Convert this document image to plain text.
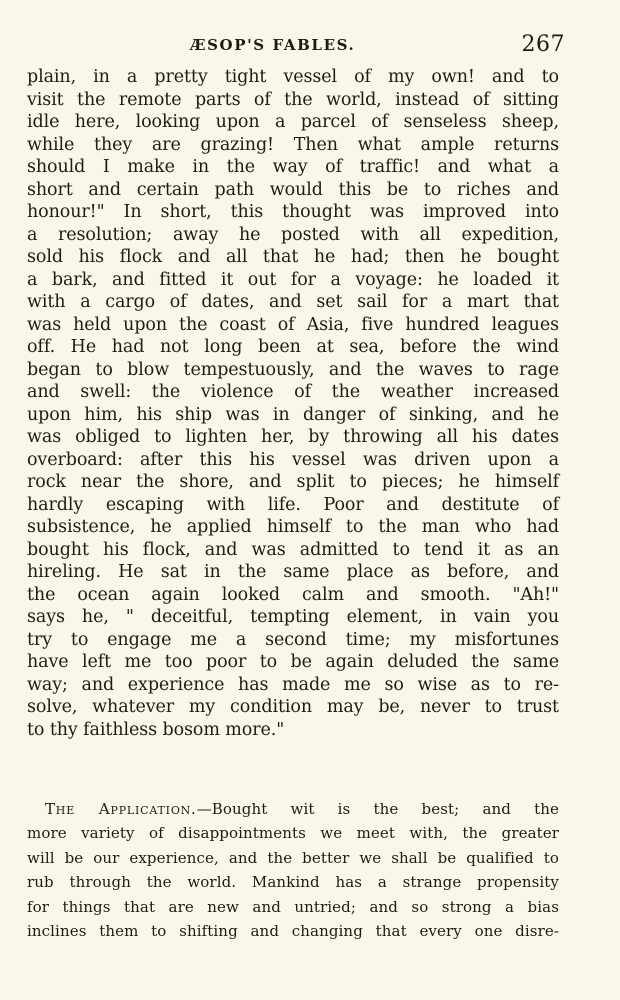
ÆSOP'S FABLES.	267
plain, in a pretty tight vessel of my own! and to
visit the remote parts of the world, instead of sitting
idle here, looking upon a parcel of senseless sheep,
while they are grazing! Then what ample returns
should I make in the way of traffic! and what a
short and certain path would this be to riches and
honour!" In short, this thought was improved into
a resolution; away he posted with all expedition,
sold his flock and all that he had; then he bought
a bark, and fitted it out for a voyage: he loaded it
with a cargo of dates, and set sail for a mart that
was held upon the coast of Asia, five hundred leagues
off. He had not long been at sea, before the wind
began to blow tempestuously, and the waves to rage
and swell: the violence of the weather increased
upon him, his ship was in danger of sinking, and he
was obliged to lighten her, by throwing all his dates
overboard: after this his vessel was driven upon a
rock near the shore, and split to pieces; he himself
hardly escaping with life. Poor and destitute of
subsistence, he applied himself to the man who had
bought his flock, and was admitted to tend it as an
hireling. He sat in the same place as before, and
the ocean again looked calm and smooth. "Ah!"
says he, " deceitful, tempting element, in vain you
try to engage me a second time; my misfortunes
have left me too poor to be again deluded the same
way; and experience has made me so wise as to re-
solve, whatever my condition may be, never to trust
to thy faithless bosom more."
The Application.—Bought wit is the best; and the
more variety of disappointments we meet with, the greater
will be our experience, and the better we shall be qualified to
rub through the world. Mankind has a strange propensity
for things that are new and untried; and so strong a bias
inclines them to shifting and changing that every one disre-
